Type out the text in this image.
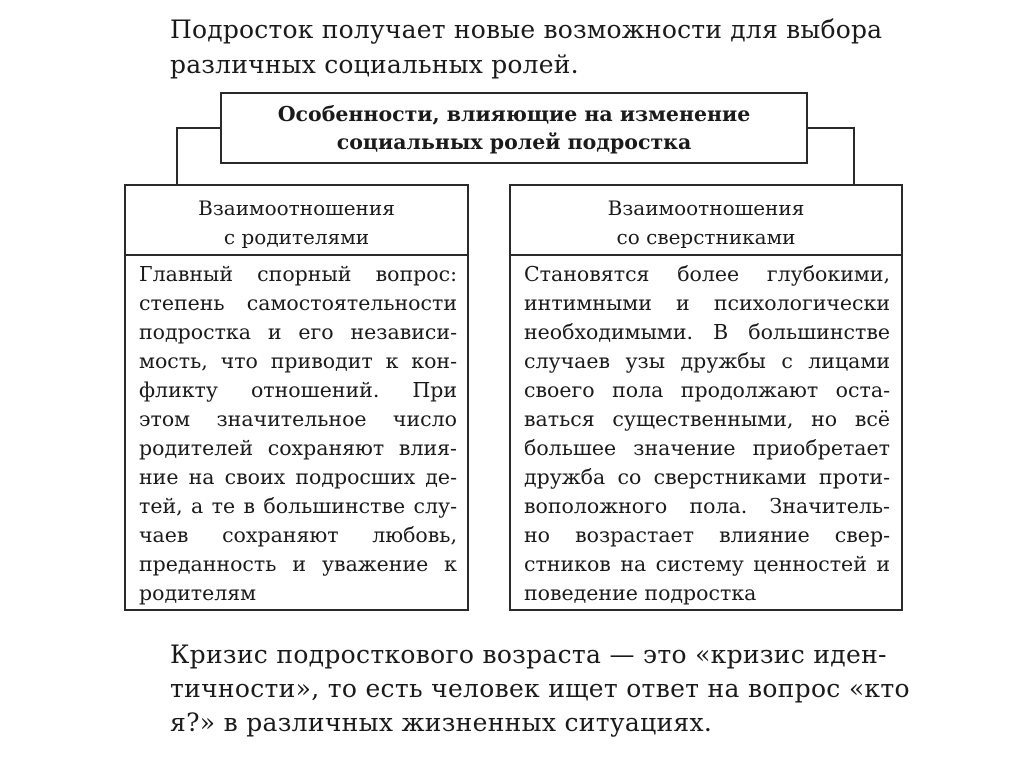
Подросток получает новые возможности для выбора
различных социальных ролей.
Особенности, влияющие на изменение
социальных ролей подростка
Взаимоотношения
с родителями
Главный спорный вопрос:
степень самостоятельности
подростка и его независи-
мость, что приводит к кон-
фликту отношений. При
этом значительное число
родителей сохраняют влия-
ние на своих подросших де-
тей, а те в большинстве слу-
чаев сохраняют любовь,
преданность и уважение к
родителям
Взаимоотношения
со сверстниками
Становятся более глубокими,
интимными и психологически
необходимыми. В большинстве
случаев узы дружбы с лицами
своего пола продолжают оста-
ваться существенными, но всё
большее значение приобретает
дружба со сверстниками проти-
воположного пола. Значитель-
но возрастает влияние свер-
стников на систему ценностей и
поведение подростка
Кризис подросткового возраста — это «кризис иден-
тичности», то есть человек ищет ответ на вопрос «кто
я?» в различных жизненных ситуациях.
